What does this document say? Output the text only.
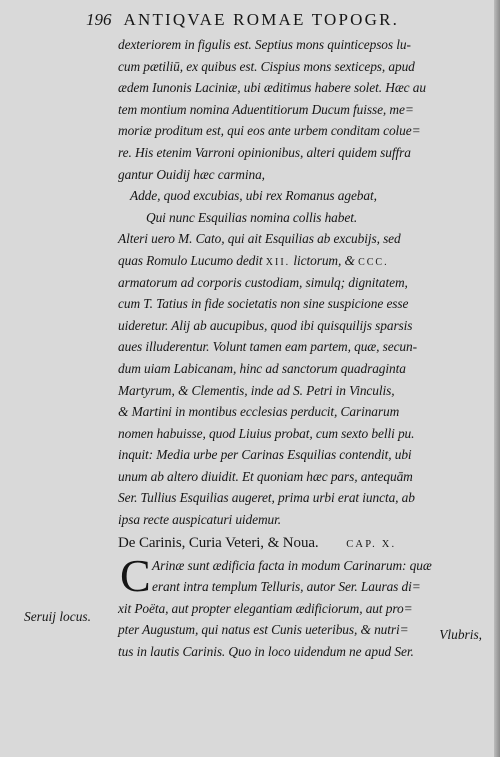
196 ANTIQVAE ROMAE TOPOGR.
dexteriorem in figulis est. Septius mons quinticepsos lu-
cum pætiliū, ex quibus est. Cispius mons sexticeps, apud
ædem Iunonis Laciniæ, ubi æditimus habere solet. Hæc au
tem montium nomina Aduentitiorum Ducum fuisse, me=
moriæ proditum est, qui eos ante urbem conditam colue=
re. His etenim Varroni opinionibus, alteri quidem suffra
gantur Ouidij hæc carmina,
Adde, quod excubias, ubi rex Romanus agebat,
Qui nunc Esquilias nomina collis habet.
Alteri uero M. Cato, qui ait Esquilias ab excubijs, sed
quas Romulo Lucumo dedit XII. lictorum, & CCC.
armatorum ad corporis custodiam, simulq; dignitatem,
cum T. Tatius in fide societatis non sine suspicione esse
uideretur. Alij ab aucupibus, quod ibi quisquilijs sparsis
aues illuderentur. Volunt tamen eam partem, quæ, secun-
dum uiam Labicanam, hinc ad sanctorum quadraginta
Martyrum, & Clementis, inde ad S. Petri in Vinculis,
& Martini in montibus ecclesias perducit, Carinarum
nomen habuisse, quod Liuius probat, cum sexto belli pu.
inquit: Media urbe per Carinas Esquilias contendit, ubi
unum ab altero diuidit. Et quoniam hæc pars, antequām
Ser. Tullius Esquilias augeret, prima urbi erat iuncta, ab
ipsa recte auspicaturi uidemur.
De Carinis, Curia Veteri, & Noua.	CAP. X.
C Arinæ sunt ædificia facta in modum Carinarum: quæ
erant intra templum Telluris, autor Ser. Lauras di=
xit Poëta, aut propter elegantiam ædificiorum, aut pro=
pter Augustum, qui natus est Cunis ueteribus, & nutri=
tus in lautis Carinis. Quo in loco uidendum ne apud Ser.
Seruij locus.
Vlubris,
